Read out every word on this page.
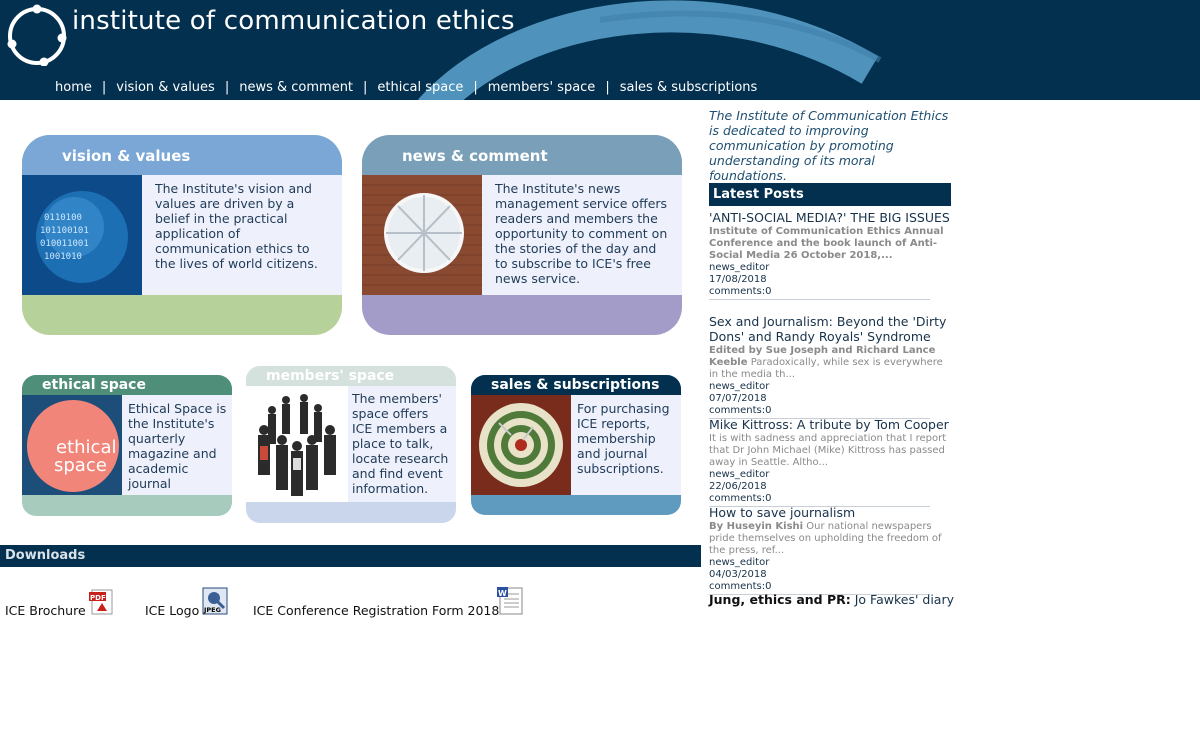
institute of communication ethics
home | vision & values | news & comment | ethical space | members' space | sales & subscriptions
vision & values
0110100
101100101
010011001
1001010
The Institute's vision and values are driven by a belief in the practical application of communication ethics to the lives of world citizens.
news & comment
The Institute's news management service offers readers and members the opportunity to comment on the stories of the day and to subscribe to ICE's free news service.
ethical space
ethical
space
Ethical Space is the Institute's quarterly magazine and academic journal
members' space
The members' space offers ICE members a place to talk, locate research and find event information.
sales & subscriptions
For purchasing ICE reports, membership and journal subscriptions.
Downloads
ICE Brochure
PDF
ICE Logo JPEG	ICE Conference Registration Form 2018
W
The Institute of Communication Ethics is dedicated to improving communication by promoting understanding of its moral foundations.
Latest Posts
'ANTI-SOCIAL MEDIA?' THE BIG ISSUES
Institute of Communication Ethics Annual Conference and the book launch of Anti-Social Media 26 October 2018,...
news_editor
17/08/2018
comments:0
Sex and Journalism: Beyond the 'Dirty Dons' and Randy Royals' Syndrome
Edited by Sue Joseph and Richard Lance Keeble Paradoxically, while sex is everywhere in the media th...
news_editor
07/07/2018
comments:0
Mike Kittross: A tribute by Tom Cooper
It is with sadness and appreciation that I report that Dr John Michael (Mike) Kittross has passed away in Seattle. Altho...
news_editor
22/06/2018
comments:0
How to save journalism
By Huseyin Kishi Our national newspapers pride themselves on upholding the freedom of the press, ref...
news_editor
04/03/2018
comments:0
Jung, ethics and PR: Jo Fawkes' diary
